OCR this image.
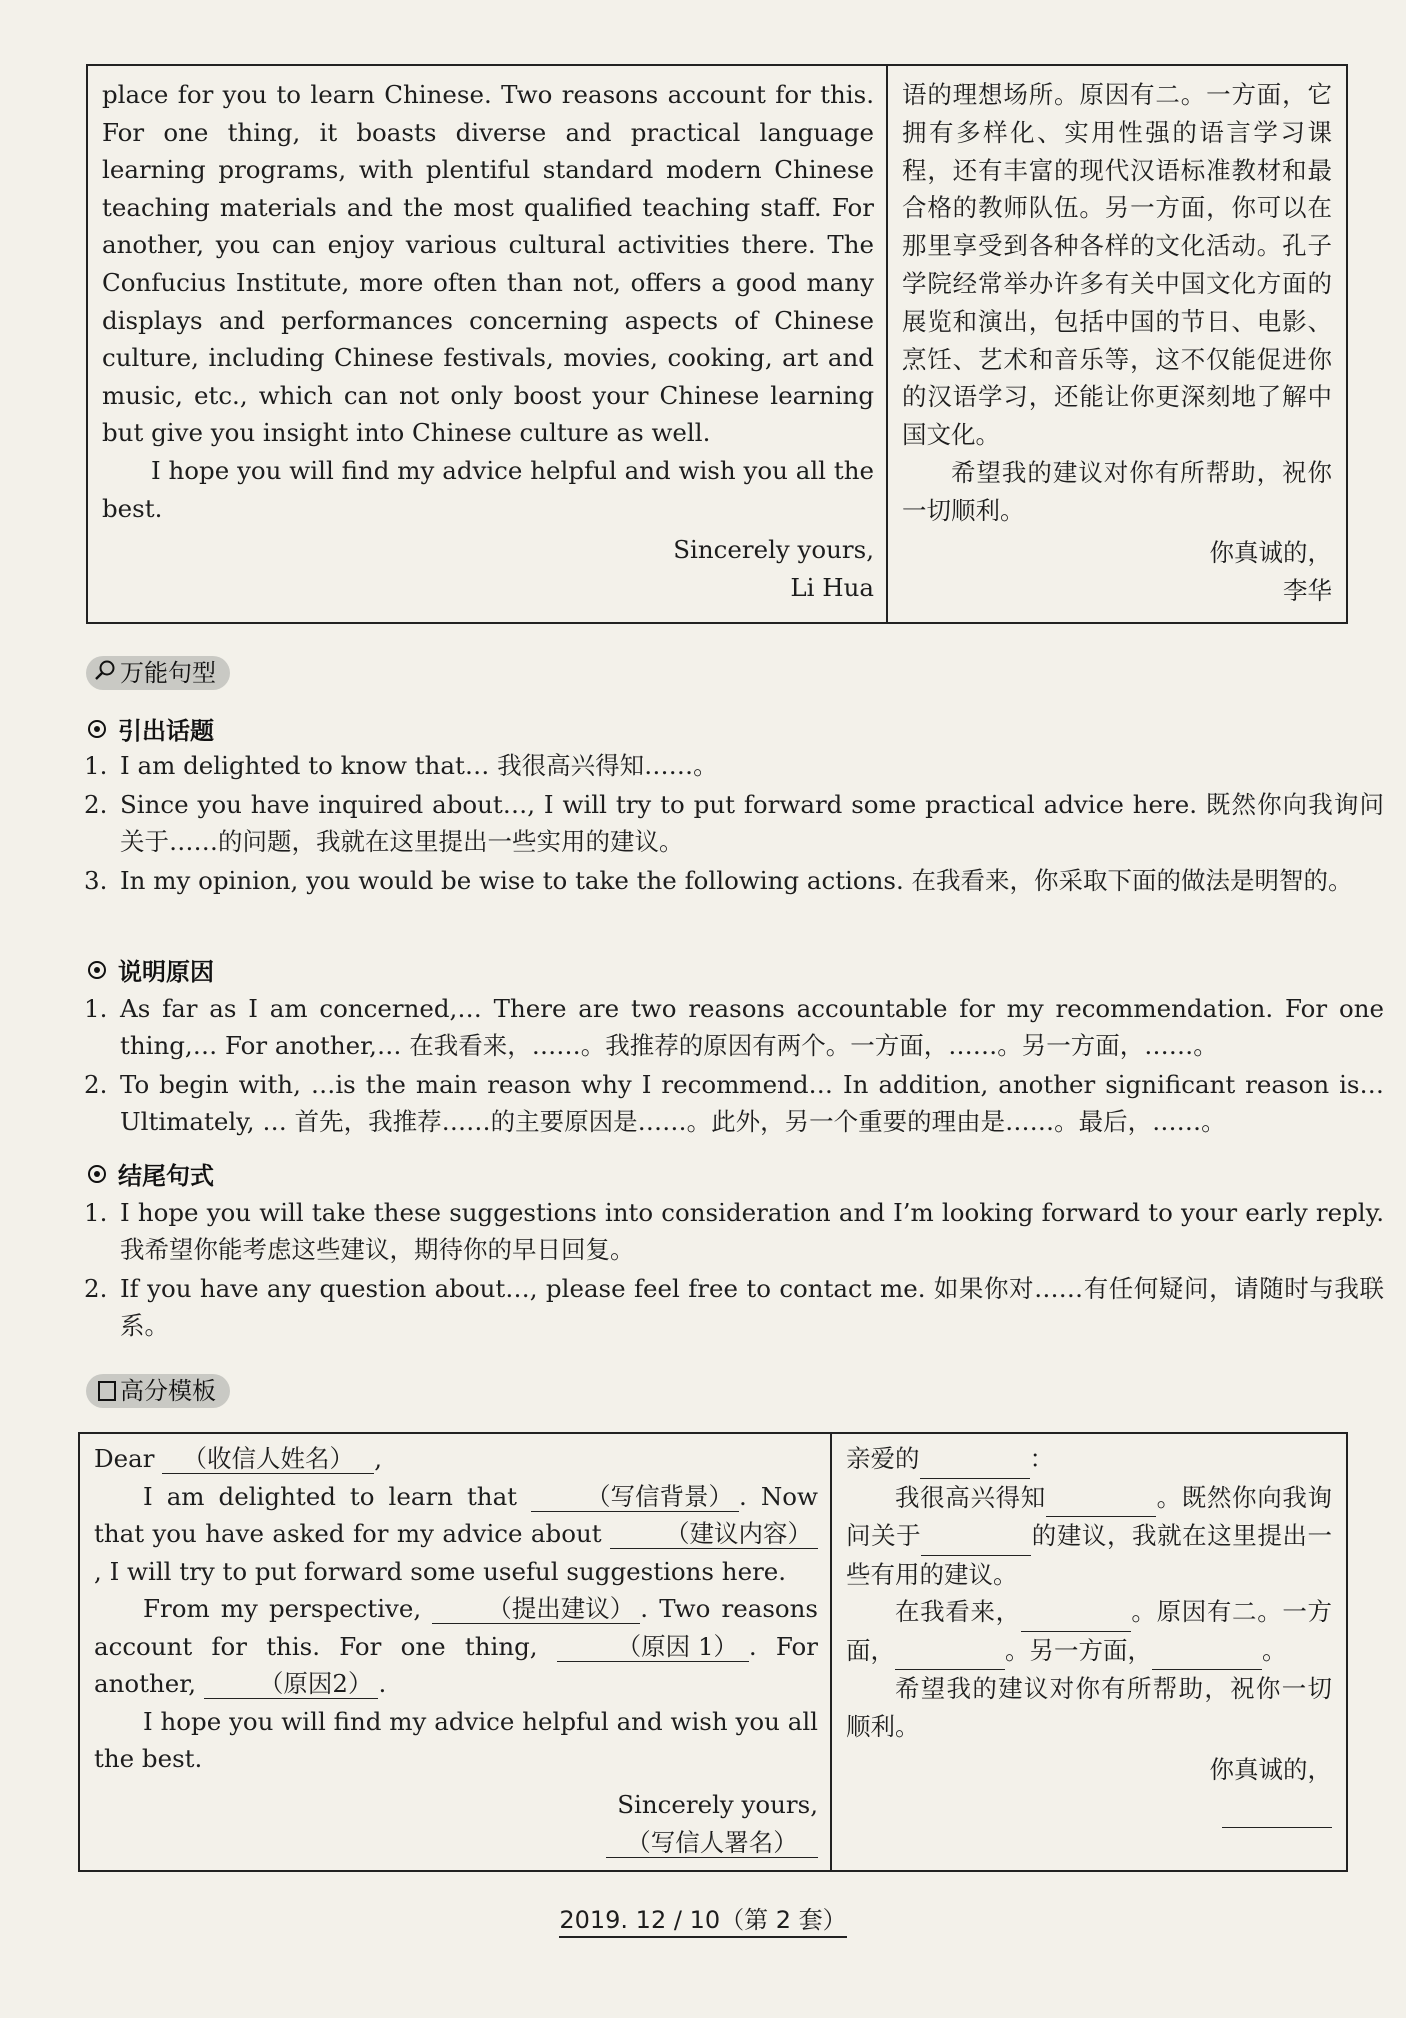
place for you to learn Chinese. Two reasons account for this. For one thing, it boasts diverse and practical language learning programs, with plentiful standard modern Chinese teaching materials and the most qualified teaching staff. For another, you can enjoy various cultural activities there. The Confucius Institute, more often than not, offers a good many displays and performances concerning aspects of Chinese culture, including Chinese festivals, movies, cooking, art and music, etc., which can not only boost your Chinese learning but give you insight into Chinese culture as well.

I hope you will find my advice helpful and wish you all the best.

Sincerely yours,

Li Hua

语的理想场所。原因有二。一方面，它拥有多样化、实用性强的语言学习课程，还有丰富的现代汉语标准教材和最合格的教师队伍。另一方面，你可以在那里享受到各种各样的文化活动。孔子学院经常举办许多有关中国文化方面的展览和演出，包括中国的节日、电影、烹饪、艺术和音乐等，这不仅能促进你的汉语学习，还能让你更深刻地了解中国文化。

希望我的建议对你有所帮助，祝你一切顺利。

你真诚的，

李华

万能句型
引出话题
1. I am delighted to know that… 我很高兴得知……。
2. Since you have inquired about…, I will try to put forward some practical advice here. 既然你向我询问关于……的问题，我就在这里提出一些实用的建议。
3. In my opinion, you would be wise to take the following actions. 在我看来，你采取下面的做法是明智的。
说明原因
1. As far as I am concerned,… There are two reasons accountable for my recommendation. For one thing,… For another,… 在我看来，……。我推荐的原因有两个。一方面，……。另一方面，……。
2. To begin with, …is the main reason why I recommend… In addition, another significant reason is… Ultimately, … 首先，我推荐……的主要原因是……。此外，另一个重要的理由是……。最后，……。
结尾句式
1. I hope you will take these suggestions into consideration and I’m looking forward to your early reply. 我希望你能考虑这些建议，期待你的早日回复。
2. If you have any question about…, please feel free to contact me. 如果你对……有任何疑问，请随时与我联系。
高分模板

Dear （收信人姓名） ,

I am delighted to learn that	（写信背景） . Now that you have asked for my advice about	（建议内容）, I will try to put forward some useful suggestions here.

From my perspective,	（提出建议） . Two reasons account for this. For one thing,	（原因 1） . For another,	（原因2） .

I hope you will find my advice helpful and wish you all the best.

Sincerely yours,

（写信人署名）

亲爱的	：

我很高兴得知	。既然你向我询问关于	的建议，我就在这里提出一些有用的建议。

在我看来，	。原因有二。一方面，	。另一方面，	。

希望我的建议对你有所帮助，祝你一切顺利。

你真诚的，

2019. 12 / 10（第 2 套）
